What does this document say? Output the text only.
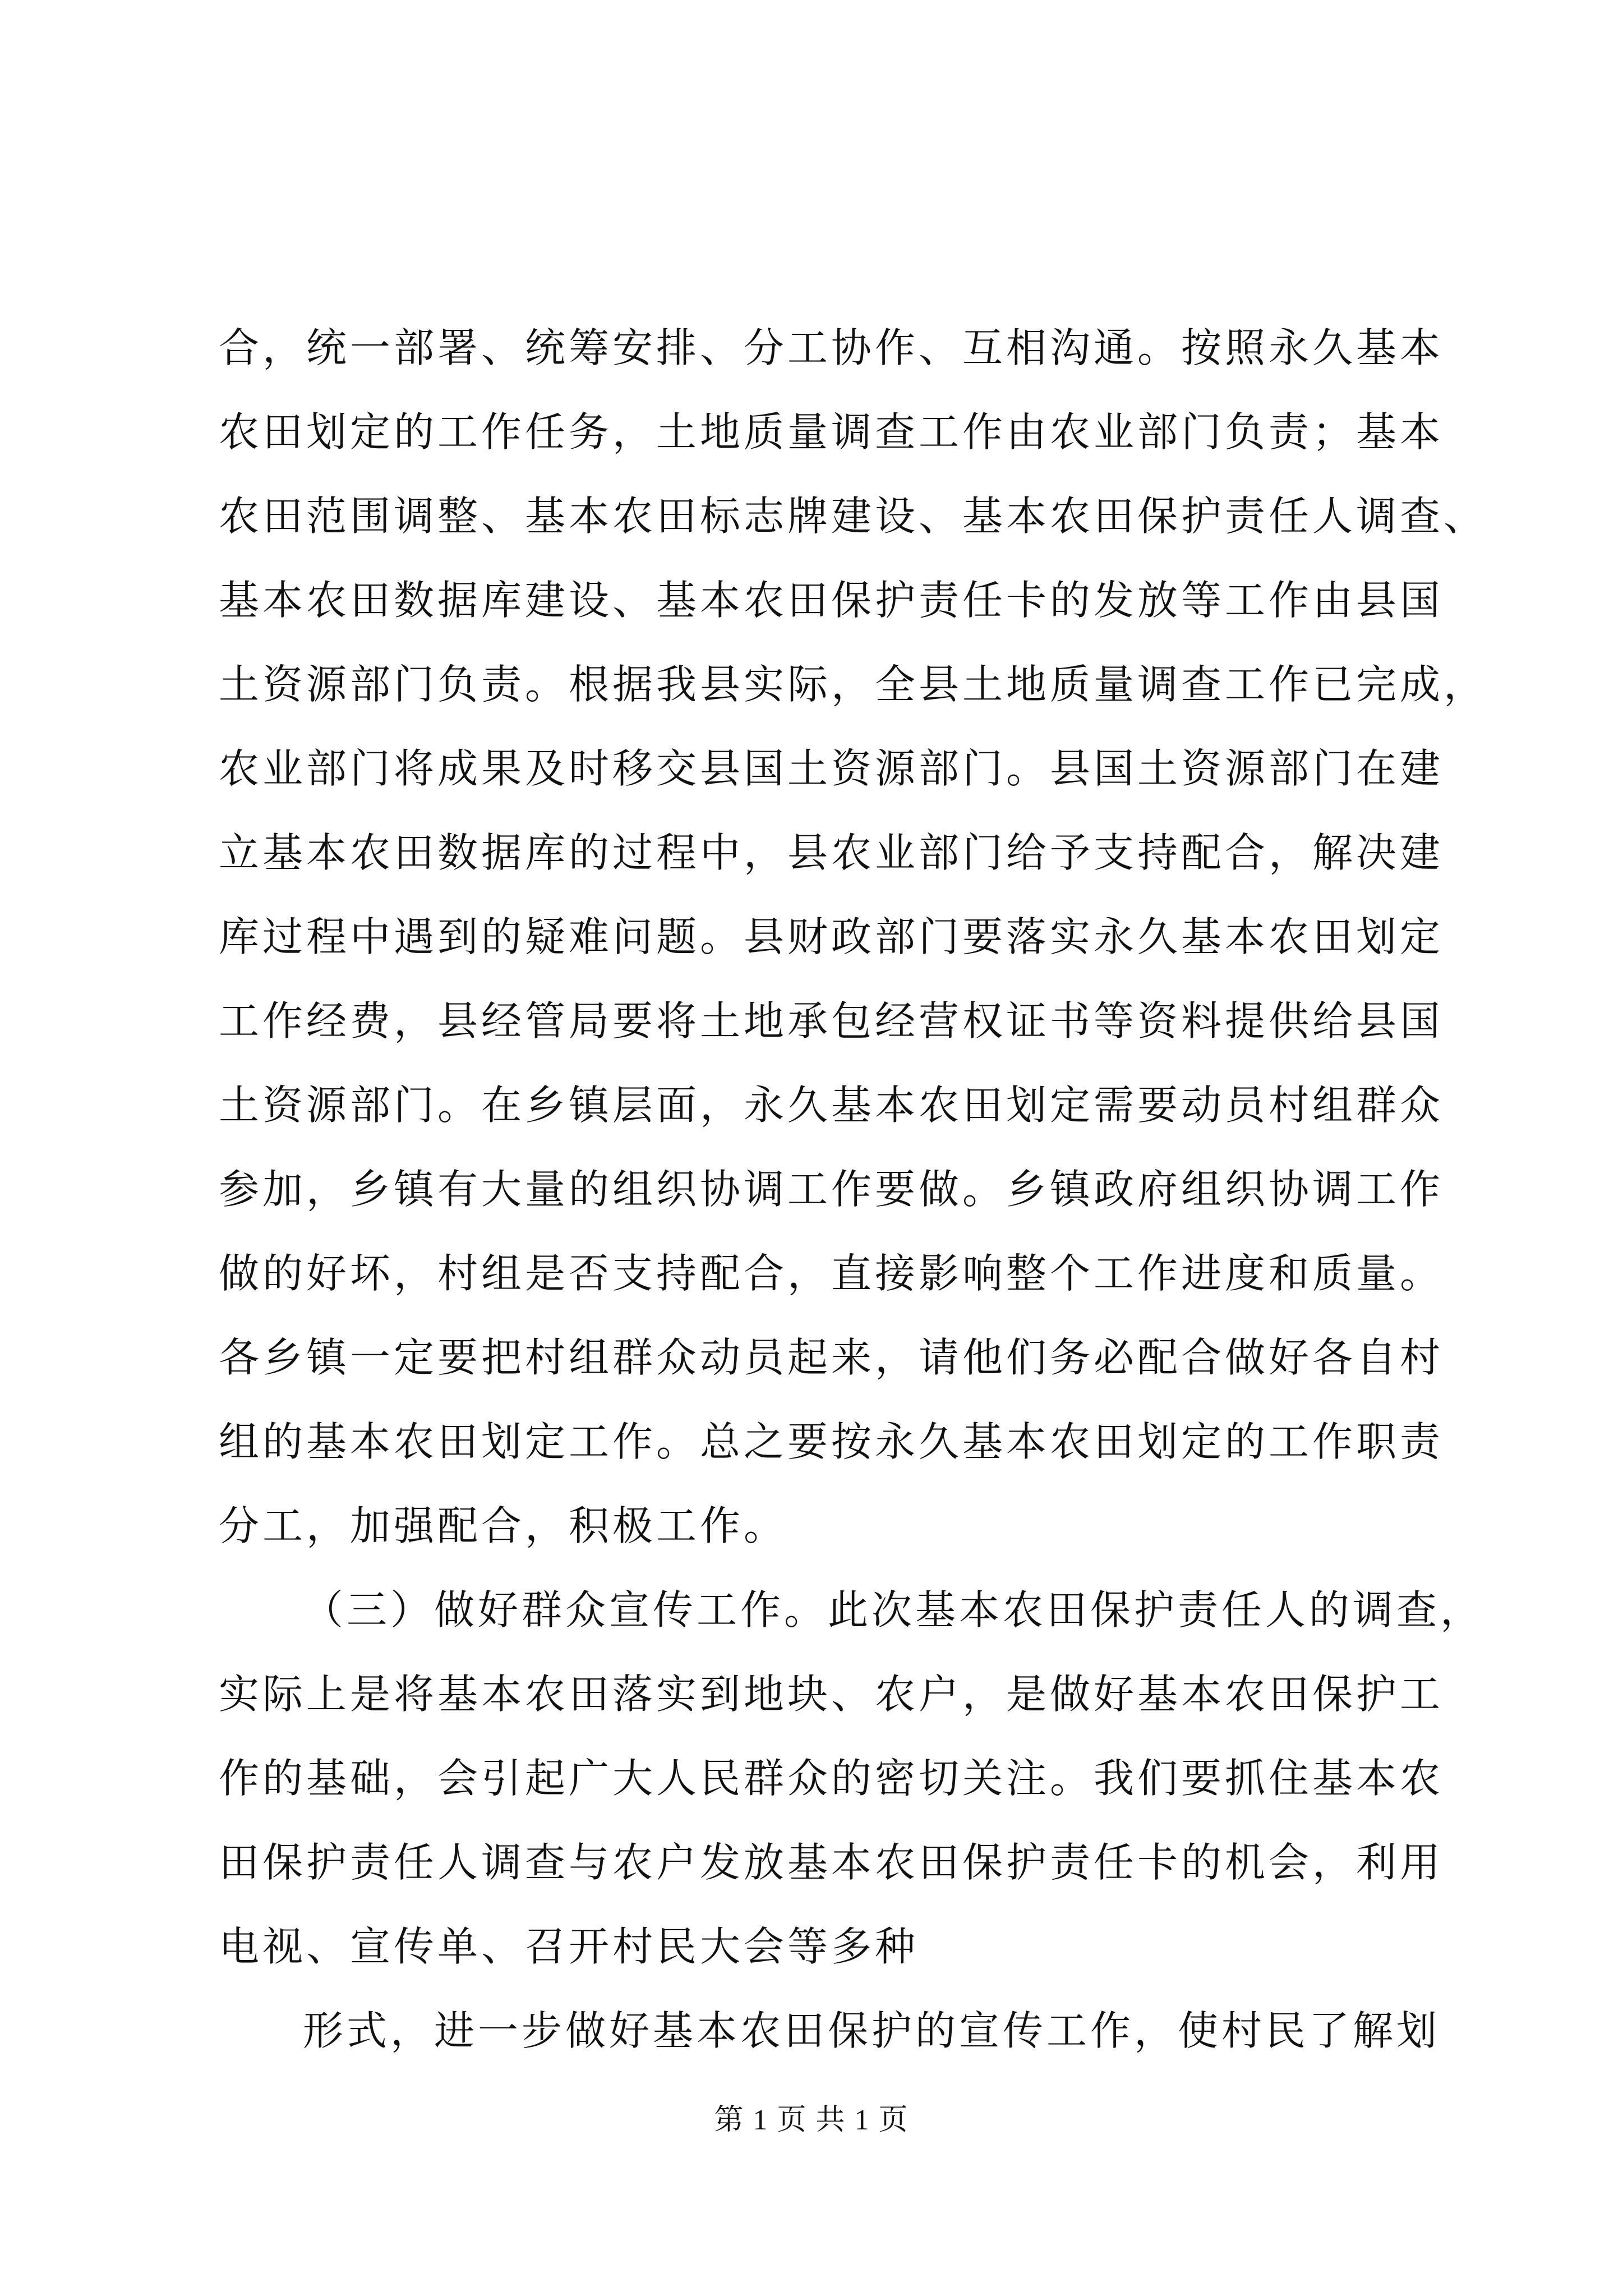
合，统一部署、统筹安排、分工协作、互相沟通。按照永久基本
农田划定的工作任务，土地质量调查工作由农业部门负责；基本
农田范围调整、基本农田标志牌建设、基本农田保护责任人调查、
基本农田数据库建设、基本农田保护责任卡的发放等工作由县国
土资源部门负责。根据我县实际，全县土地质量调查工作已完成，
农业部门将成果及时移交县国土资源部门。县国土资源部门在建
立基本农田数据库的过程中，县农业部门给予支持配合，解决建
库过程中遇到的疑难问题。县财政部门要落实永久基本农田划定
工作经费，县经管局要将土地承包经营权证书等资料提供给县国
土资源部门。在乡镇层面，永久基本农田划定需要动员村组群众
参加，乡镇有大量的组织协调工作要做。乡镇政府组织协调工作
做的好坏，村组是否支持配合，直接影响整个工作进度和质量。
各乡镇一定要把村组群众动员起来，请他们务必配合做好各自村
组的基本农田划定工作。总之要按永久基本农田划定的工作职责
分工，加强配合，积极工作。
（三）做好群众宣传工作。此次基本农田保护责任人的调查，
实际上是将基本农田落实到地块、农户，是做好基本农田保护工
作的基础，会引起广大人民群众的密切关注。我们要抓住基本农
田保护责任人调查与农户发放基本农田保护责任卡的机会，利用
电视、宣传单、召开村民大会等多种
形式，进一步做好基本农田保护的宣传工作，使村民了解划
第 1 页 共 1 页
